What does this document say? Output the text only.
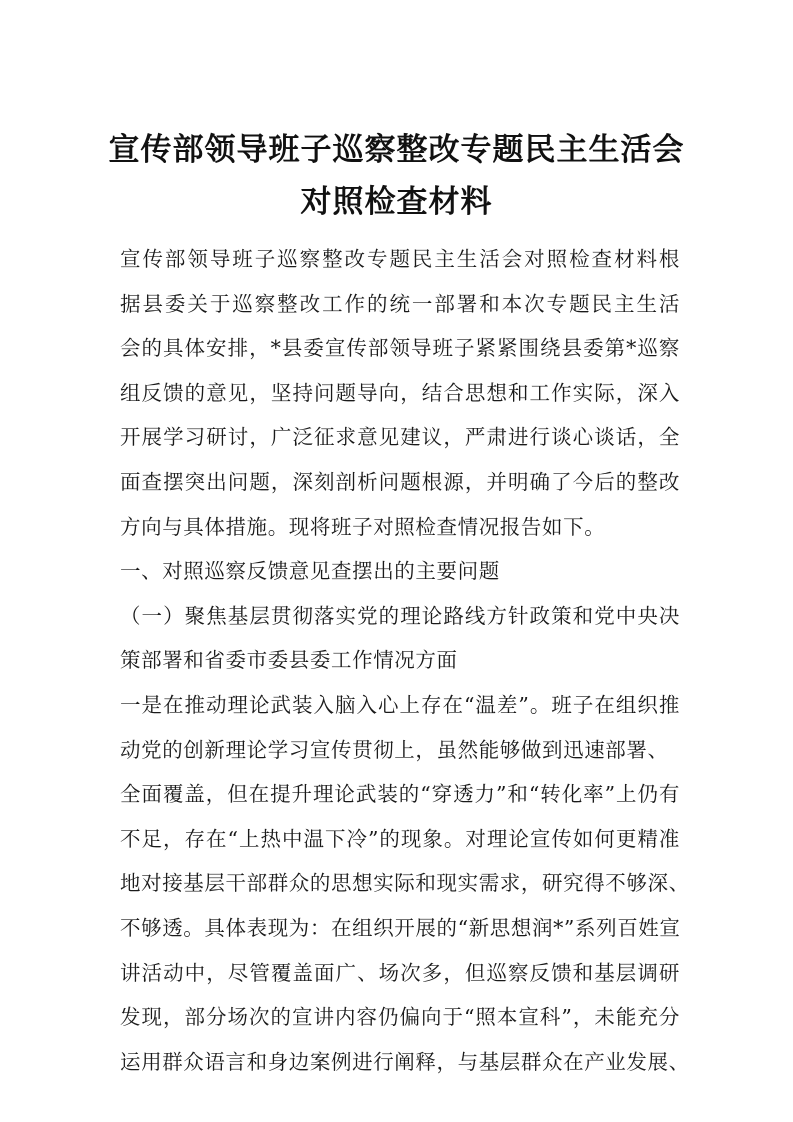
宣传部领导班子巡察整改专题民主生活会
对照检查材料
宣传部领导班子巡察整改专题民主生活会对照检查材料根
据县委关于巡察整改工作的统一部署和本次专题民主生活
会的具体安排，*县委宣传部领导班子紧紧围绕县委第*巡察
组反馈的意见，坚持问题导向，结合思想和工作实际，深入
开展学习研讨，广泛征求意见建议，严肃进行谈心谈话，全
面查摆突出问题，深刻剖析问题根源，并明确了今后的整改
方向与具体措施。现将班子对照检查情况报告如下。
一、对照巡察反馈意见查摆出的主要问题
（一）聚焦基层贯彻落实党的理论路线方针政策和党中央决
策部署和省委市委县委工作情况方面
一是在推动理论武装入脑入心上存在“温差”。班子在组织推
动党的创新理论学习宣传贯彻上，虽然能够做到迅速部署、
全面覆盖，但在提升理论武装的“穿透力”和“转化率”上仍有
不足，存在“上热中温下冷”的现象。对理论宣传如何更精准
地对接基层干部群众的思想实际和现实需求，研究得不够深、
不够透。具体表现为：在组织开展的“新思想润*”系列百姓宣
讲活动中，尽管覆盖面广、场次多，但巡察反馈和基层调研
发现，部分场次的宣讲内容仍偏向于“照本宣科”，未能充分
运用群众语言和身边案例进行阐释，与基层群众在产业发展、
